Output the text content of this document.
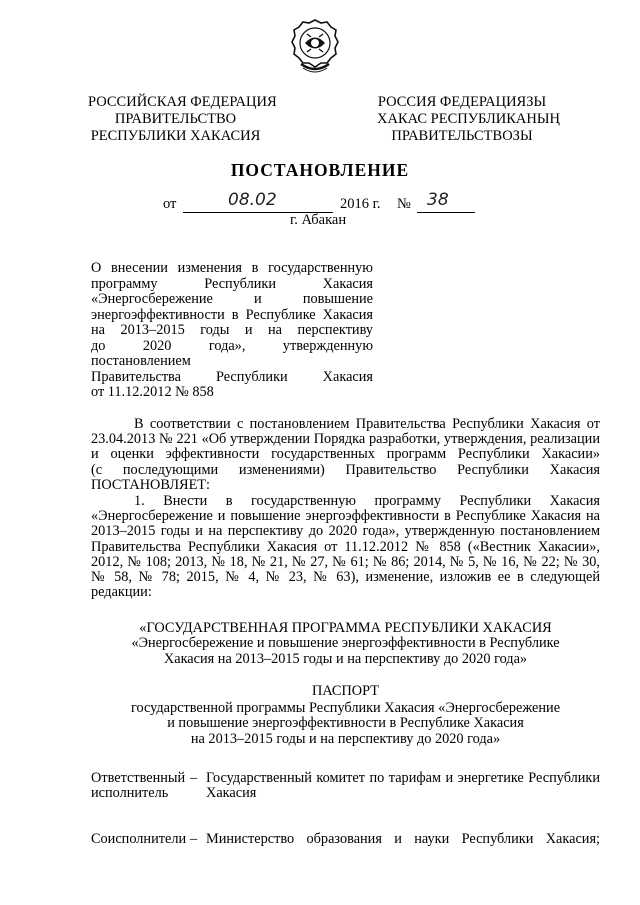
РОССИЙСКАЯ ФЕДЕРАЦИЯ
ПРАВИТЕЛЬСТВО
РЕСПУБЛИКИ ХАКАСИЯ
РОССИЯ ФЕДЕРАЦИЯЗЫ
ХАКАС РЕСПУБЛИКАНЫҢ
ПРАВИТЕЛЬСТВОЗЫ
ПОСТАНОВЛЕНИЕ
от	08.02	2016 г. № 38
г. Абакан
О внесении изменения в государственную
программу Республики Хакасия
«Энергосбережение и повышение
энергоэффективности в Республике Хакасия
на 2013–2015 годы и на перспективу
до 2020 года», утвержденную постановлением
Правительства Республики Хакасия
от 11.12.2012 № 858
В соответствии с постановлением Правительства Республики Хакасия от
23.04.2013 № 221 «Об утверждении Порядка разработки, утверждения, реализации
и оценки эффективности государственных программ Республики Хакасии»
(с последующими изменениями) Правительство Республики Хакасия
ПОСТАНОВЛЯЕТ:
1. Внести в государственную программу Республики Хакасия
«Энергосбережение и повышение энергоэффективности в Республике Хакасия на
2013–2015 годы и на перспективу до 2020 года», утвержденную постановлением
Правительства Республики Хакасия от 11.12.2012 № 858 («Вестник Хакасии»,
2012, № 108; 2013, № 18, № 21, № 27, № 61; № 86; 2014, № 5, № 16, № 22; № 30,
№ 58, № 78; 2015, № 4, № 23, № 63), изменение, изложив ее в следующей
редакции:
«ГОСУДАРСТВЕННАЯ ПРОГРАММА РЕСПУБЛИКИ ХАКАСИЯ
«Энергосбережение и повышение энергоэффективности в Республике
Хакасия на 2013–2015 годы и на перспективу до 2020 года»
ПАСПОРТ
государственной программы Республики Хакасия «Энергосбережение
и повышение энергоэффективности в Республике Хакасия
на 2013–2015 годы и на перспективу до 2020 года»
Ответственный
исполнитель
– Государственный комитет по тарифам и энергетике Республики
Хакасия
Соисполнители – Министерство образования и науки Республики Хакасия;
